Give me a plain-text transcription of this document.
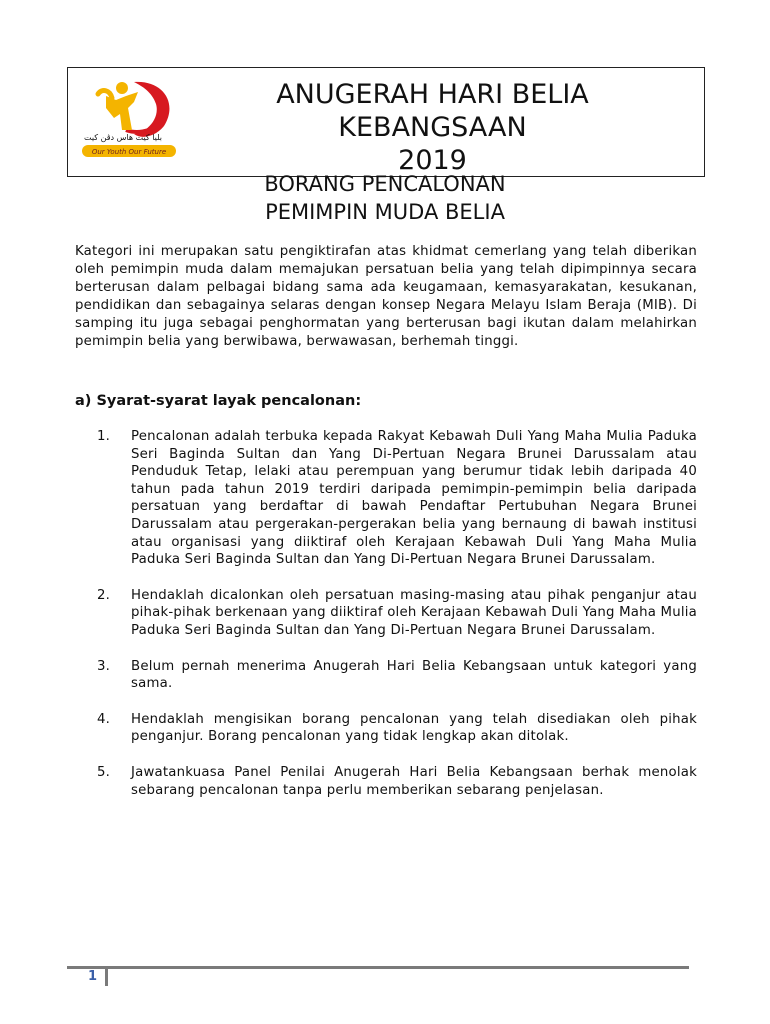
بليا كيت هاس دڤن كيت
Our Youth Our Future
ANUGERAH HARI BELIA
KEBANGSAAN
2019
BORANG PENCALONAN
PEMIMPIN MUDA BELIA
Kategori ini merupakan satu pengiktirafan atas khidmat cemerlang yang telah diberikan oleh pemimpin muda dalam memajukan persatuan belia yang telah dipimpinnya secara berterusan dalam pelbagai bidang sama ada keugamaan, kemasyarakatan, kesukanan, pendidikan dan sebagainya selaras dengan konsep Negara Melayu Islam Beraja (MIB). Di samping itu juga sebagai penghormatan yang berterusan bagi ikutan dalam melahirkan pemimpin belia yang berwibawa, berwawasan, berhemah tinggi.
a) Syarat-syarat layak pencalonan:
1. Pencalonan adalah terbuka kepada Rakyat Kebawah Duli Yang Maha Mulia Paduka Seri Baginda Sultan dan Yang Di-Pertuan Negara Brunei Darussalam atau Penduduk Tetap, lelaki atau perempuan yang berumur tidak lebih daripada 40 tahun pada tahun 2019 terdiri daripada pemimpin-pemimpin belia daripada persatuan yang berdaftar di bawah Pendaftar Pertubuhan Negara Brunei Darussalam atau pergerakan-pergerakan belia yang bernaung di bawah institusi atau organisasi yang diiktiraf oleh Kerajaan Kebawah Duli Yang Maha Mulia Paduka Seri Baginda Sultan dan Yang Di-Pertuan Negara Brunei Darussalam.
2. Hendaklah dicalonkan oleh persatuan masing-masing atau pihak penganjur atau pihak-pihak berkenaan yang diiktiraf oleh Kerajaan Kebawah Duli Yang Maha Mulia Paduka Seri Baginda Sultan dan Yang Di-Pertuan Negara Brunei Darussalam.
3. Belum pernah menerima Anugerah Hari Belia Kebangsaan untuk kategori yang sama.
4. Hendaklah mengisikan borang pencalonan yang telah disediakan oleh pihak penganjur. Borang pencalonan yang tidak lengkap akan ditolak.
5. Jawatankuasa Panel Penilai Anugerah Hari Belia Kebangsaan berhak menolak sebarang pencalonan tanpa perlu memberikan sebarang penjelasan.
1
